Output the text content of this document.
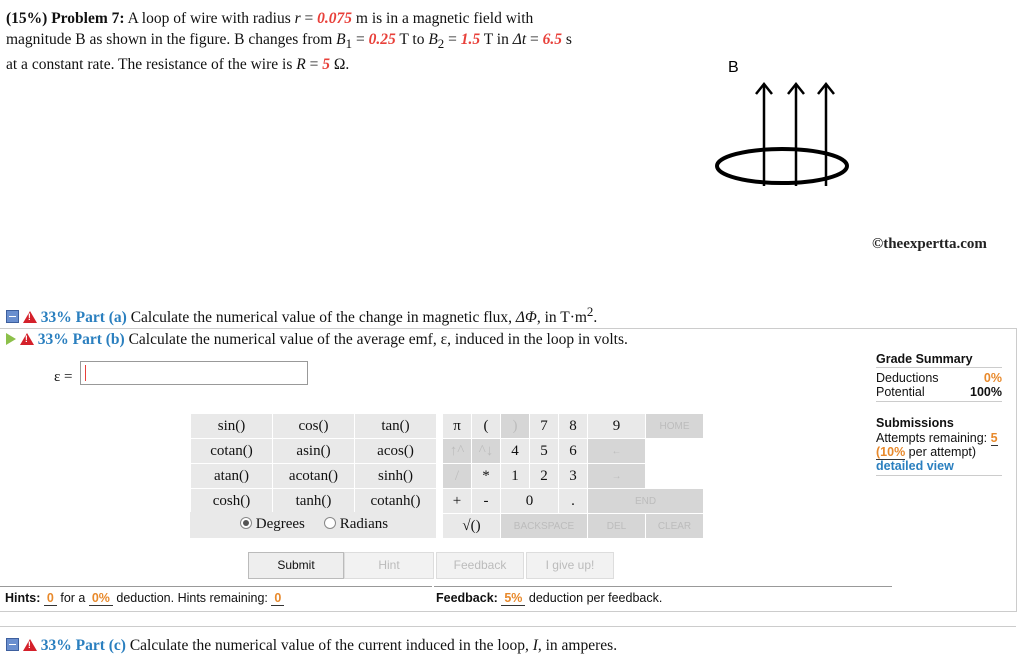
(15%) Problem 7: A loop of wire with radius r = 0.075 m is in a magnetic field with
magnitude B as shown in the figure. B changes from $B_1 = 0.25$ T to $B_2 = 1.5$ T in Δt = 6.5 s
at a constant rate. The resistance of the wire is R = 5 Ω.	B
©theexpertta.com
! 33% Part (a) Calculate the numerical value of the change in magnetic flux, ΔΦ, in $T\cdot m^2$.
! 33% Part (b) Calculate the numerical value of the average emf, ε, induced in the loop in volts.
ε =
Grade Summary
Deductions	0%
Potential	100%
Submissions
Attempts remaining: 5
(10% per attempt)
detailed view
sin()	cos()	tan()
cotan()	asin()	acos()
atan()	acotan()	sinh()
cosh()	tanh()	cotanh()
Degrees	Radians
π	(	)	7	8	9	HOME
↑^	^↓	4	5	6	←	
/	*	1	2	3	→	
+	-	0		.	END	
√()		BACKSPACE			DEL	CLEAR
Submit	Hint	Feedback	I give up!
Hints: 0 for a 0% deduction. Hints remaining: 0	Feedback: 5% deduction per feedback.
! 33% Part (c) Calculate the numerical value of the current induced in the loop, I, in amperes.
